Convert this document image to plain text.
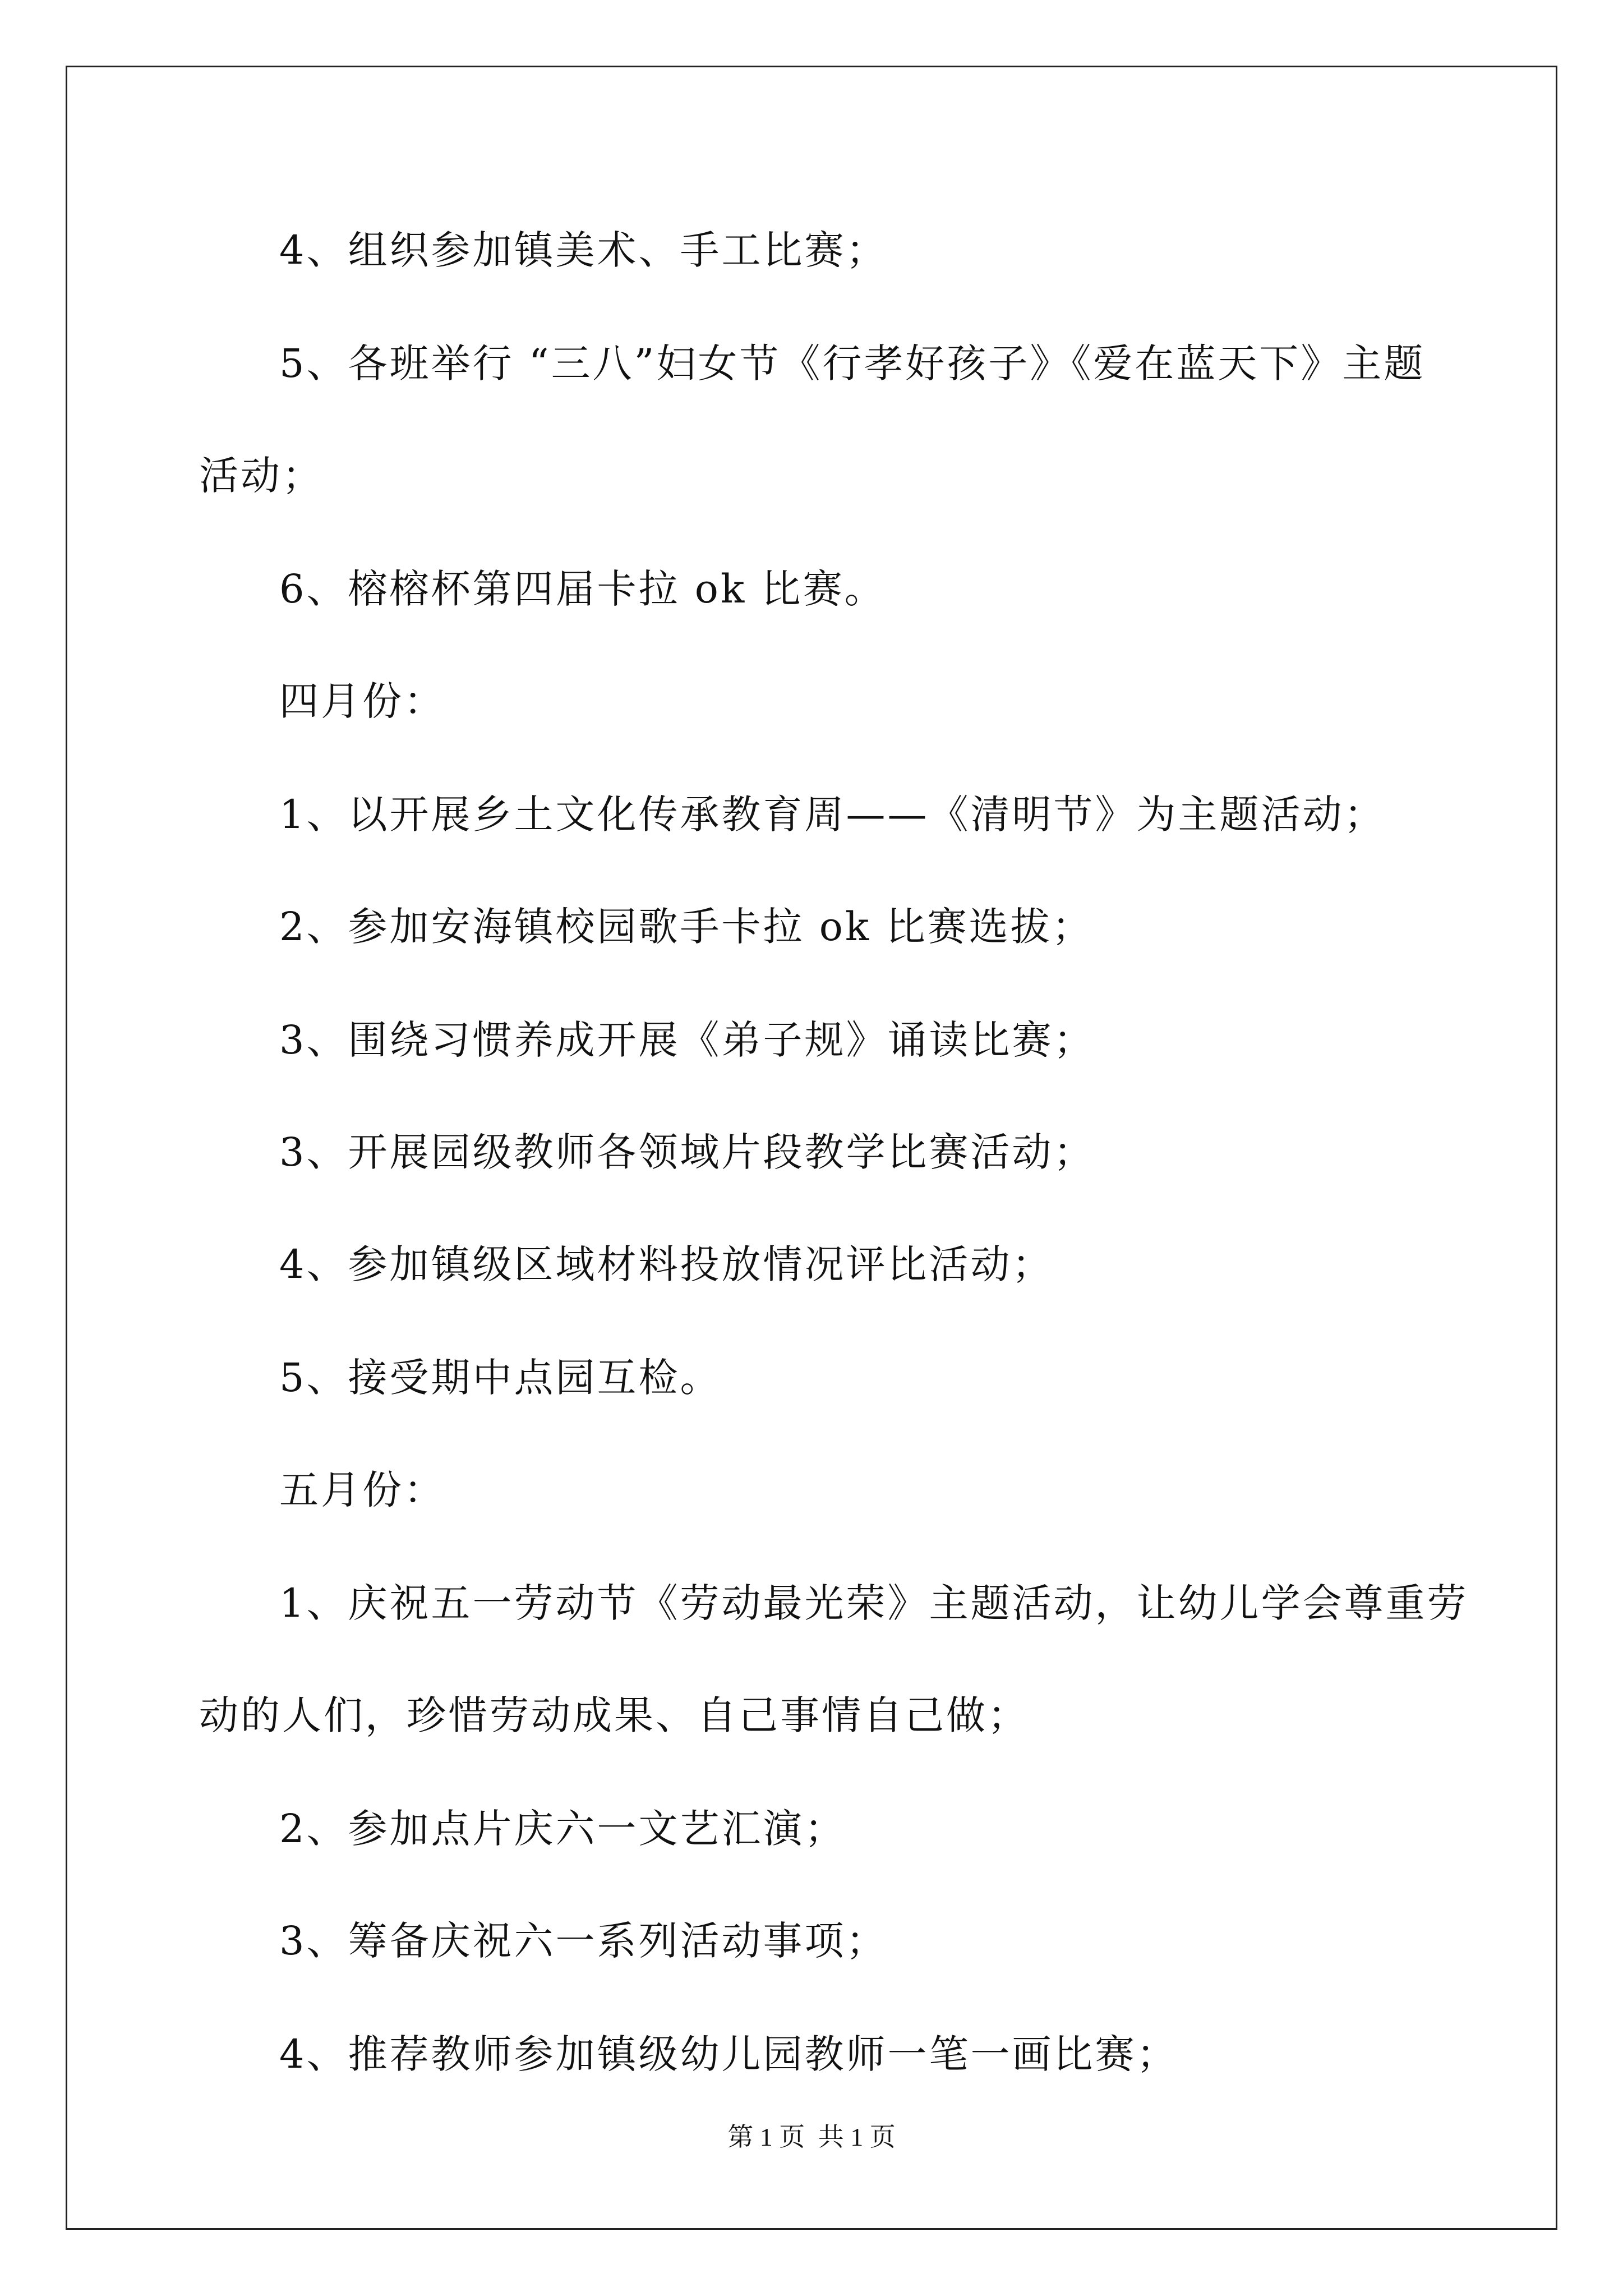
4、组织参加镇美术、手工比赛；

5、各班举行 “三八”妇女节《行孝好孩子》《爱在蓝天下》主题

活动；

6、榕榕杯第四届卡拉 ok 比赛。

四月份：

1、以开展乡土文化传承教育周——《清明节》为主题活动；

2、参加安海镇校园歌手卡拉 ok 比赛选拔；

3、围绕习惯养成开展《弟子规》诵读比赛；

3、开展园级教师各领域片段教学比赛活动；

4、参加镇级区域材料投放情况评比活动；

5、接受期中点园互检。

五月份：

1、庆祝五一劳动节《劳动最光荣》主题活动，让幼儿学会尊重劳

动的人们，珍惜劳动成果、自己事情自己做；

2、参加点片庆六一文艺汇演；

3、筹备庆祝六一系列活动事项；

4、推荐教师参加镇级幼儿园教师一笔一画比赛；

第 1 页 共 1 页
